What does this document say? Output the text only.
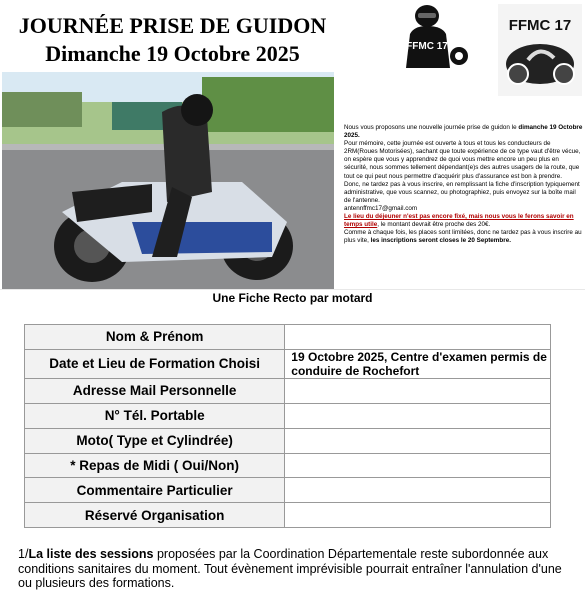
JOURNÉE PRISE DE GUIDON
Dimanche 19 Octobre 2025	FFMC 17
FFMC 17

Nous vous proposons une nouvelle journée prise de guidon le dimanche 19 Octobre 2025.

Pour mémoire, cette journée est ouverte à tous et tous les conducteurs de 2RM(Roues Motorisées), sachant que toute expérience de ce type vaut d'être vécue, on espère que vous y apprendrez de quoi vous mettre encore un peu plus en sécurité, nous sommes tellement dépendant(e)s des autres usagers de la route, que tout ce qui peut nous permettre d'acquérir plus d'assurance est bon à prendre.

Donc, ne tardez pas à vous inscrire, en remplissant la fiche d'inscription typiquement administrative, que vous scannez, ou photographiez, puis envoyez sur la boîte mail de l'antenne.

antennffmc17@gmail.com

Le lieu du déjeuner n'est pas encore fixé, mais nous vous le ferons savoir en temps utile, le montant devrait être proche des 20€.

Comme à chaque fois, les places sont limitées, donc ne tardez pas à vous inscrire au plus vite, les inscriptions seront closes le 20 Septembre.

Une Fiche Recto par motard
Nom & Prénom	
Date et Lieu de Formation Choisi	19 Octobre 2025, Centre d'examen permis de conduire de Rochefort
Adresse Mail Personnelle	
N° Tél. Portable	
Moto( Type et Cylindrée)	
* Repas de Midi ( Oui/Non)	
Commentaire Particulier	
Réservé Organisation	
1/La liste des sessions proposées par la Coordination Départementale reste subordonnée aux conditions sanitaires du moment. Tout évènement imprévisible pourrait entraîner l'annulation d'une ou plusieurs des formations.
